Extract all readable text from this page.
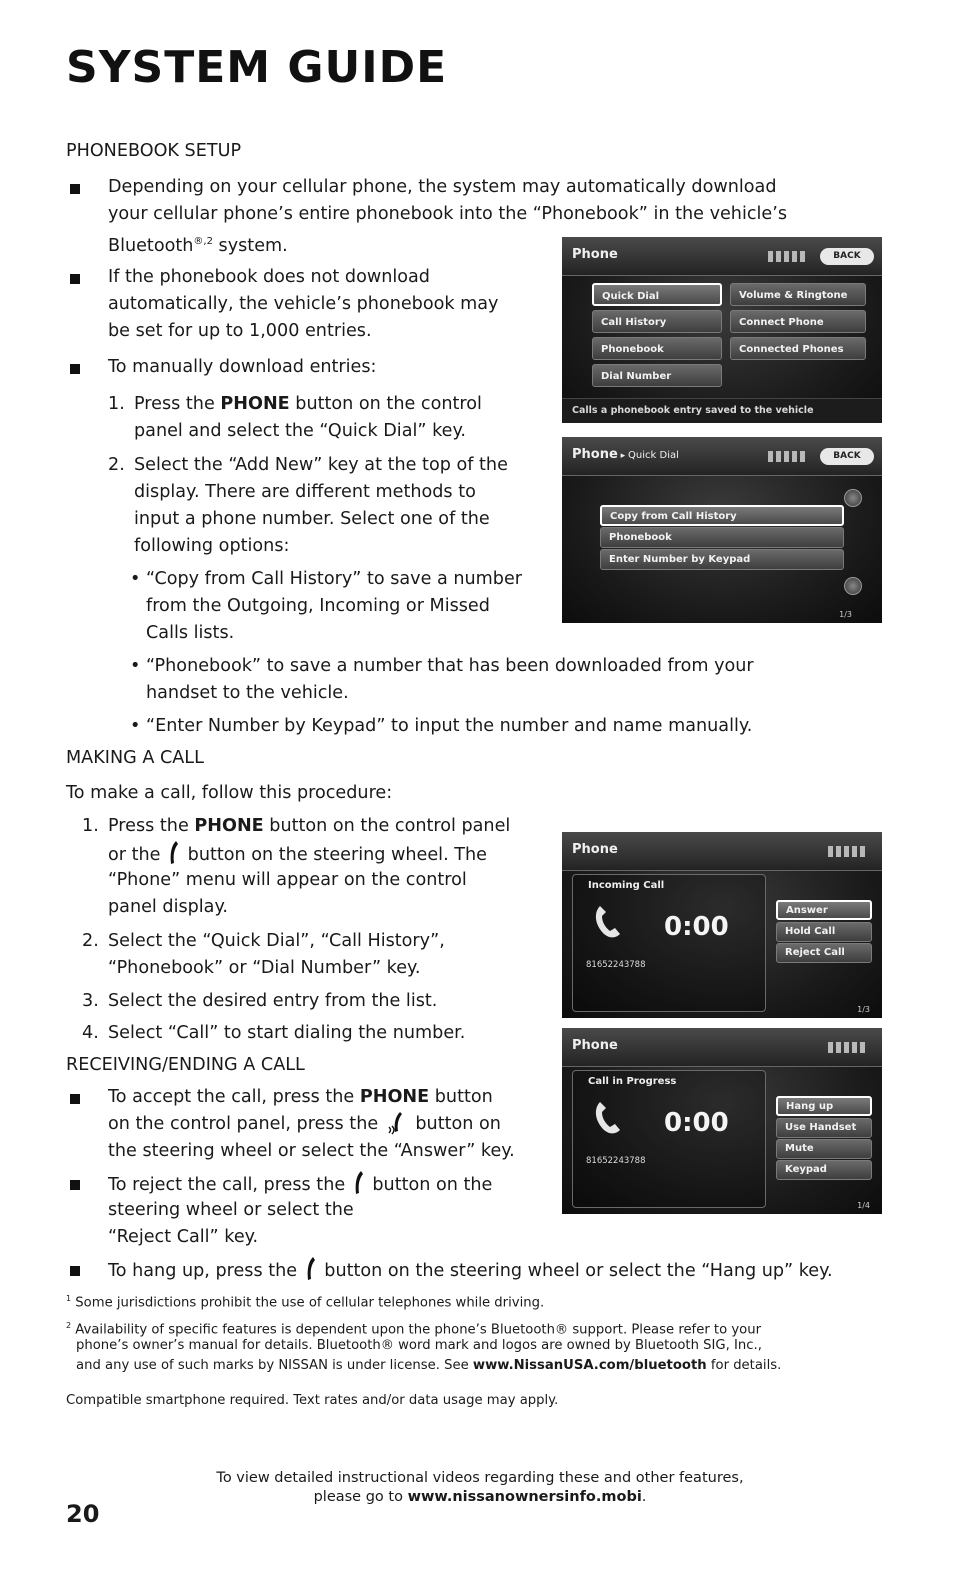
SYSTEM GUIDE
PHONEBOOK SETUP
Depending on your cellular phone, the system may automatically download
your cellular phone’s entire phonebook into the “Phonebook” in the vehicle’s
Bluetooth$^{®,2}$ system.
If the phonebook does not download
automatically, the vehicle’s phonebook may
be set for up to 1,000 entries.
To manually download entries:
1. Press the PHONE button on the control
panel and select the “Quick Dial” key.
2. Select the “Add New” key at the top of the
display. There are different methods to
input a phone number. Select one of the
following options:
• “Copy from Call History” to save a number
from the Outgoing, Incoming or Missed
Calls lists.
• “Phonebook” to save a number that has been downloaded from your
handset to the vehicle.
• “Enter Number by Keypad” to input the number and name manually.
MAKING A CALL
To make a call, follow this procedure:
1. Press the PHONE button on the control panel
or the  button on the steering wheel. The
“Phone” menu will appear on the control
panel display.
2. Select the “Quick Dial”, “Call History”,
“Phonebook” or “Dial Number” key.
3. Select the desired entry from the list.
4. Select “Call” to start dialing the number.
RECEIVING/ENDING A CALL
To accept the call, press the PHONE button
on the control panel, press the  button on
the steering wheel or select the “Answer” key.
To reject the call, press the  button on the
steering wheel or select the
“Reject Call” key.
To hang up, press the  button on the steering wheel or select the “Hang up” key.
$^1$ Some jurisdictions prohibit the use of cellular telephones while driving.
$^2$ Availability of specific features is dependent upon the phone’s Bluetooth® support. Please refer to your
phone’s owner’s manual for details. Bluetooth® word mark and logos are owned by Bluetooth SIG, Inc.,
and any use of such marks by NISSAN is under license. See www.NissanUSA.com/bluetooth for details.
Compatible smartphone required. Text rates and/or data usage may apply.
20
To view detailed instructional videos regarding these and other features,
please go to www.nissanownersinfo.mobi.
Phone	BACK
Quick Dial
Call History
Phonebook
Dial Number
Volume & Ringtone
Connect Phone
Connected Phones
Calls a phonebook entry saved to the vehicle
Phone ▸ Quick Dial	BACK
Copy from Call History
Phonebook
Enter Number by Keypad
1/3
Phone
Incoming Call
0:00
81652243788
Answer
Hold Call
Reject Call
1/3
Phone
Call in Progress
0:00
81652243788
Hang up
Use Handset
Mute
Keypad
1/4
